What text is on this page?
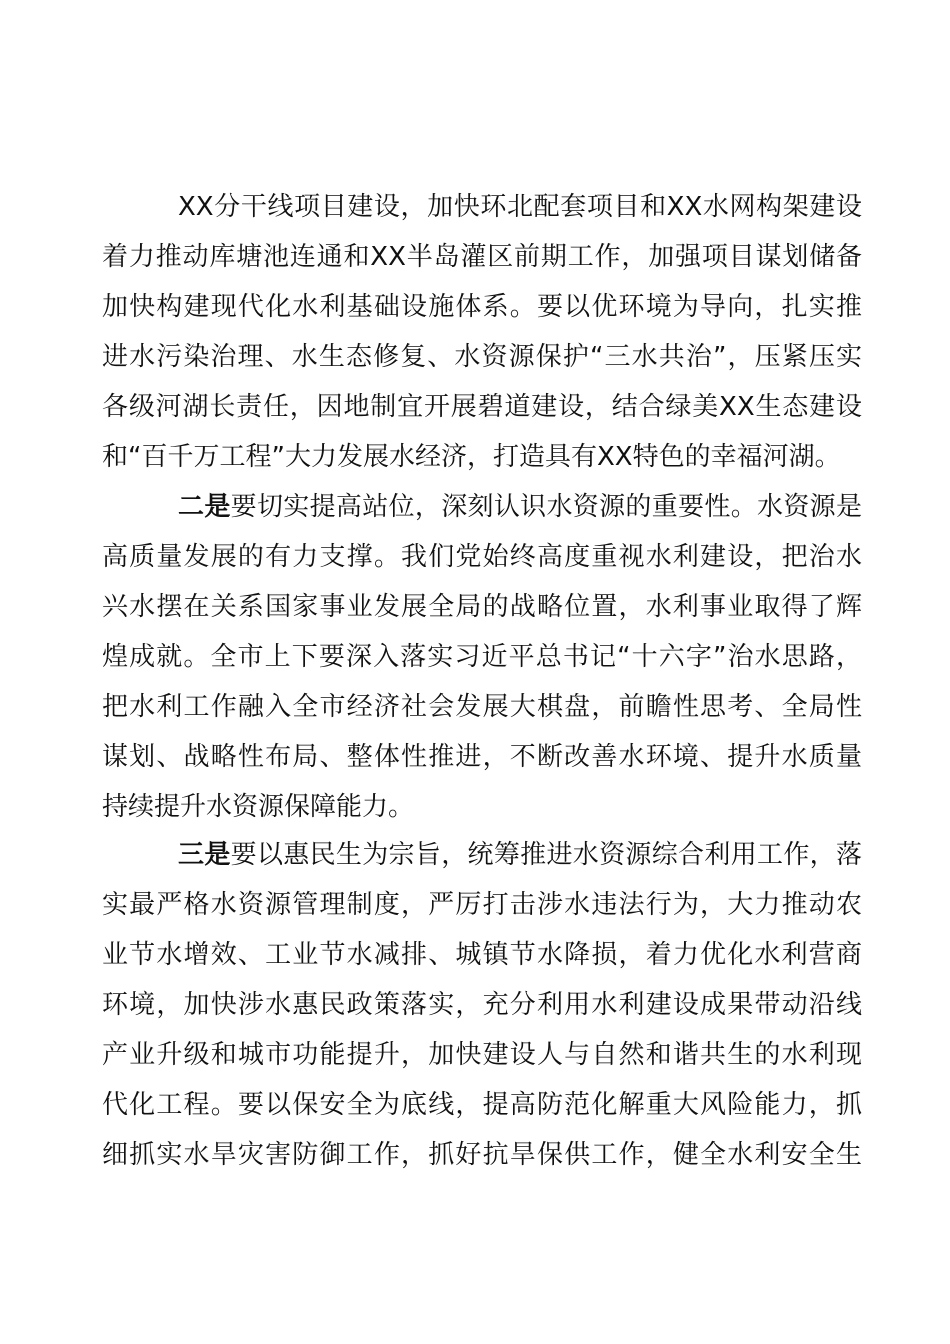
XX分干线项目建设，加快环北配套项目和XX水网构架建设
着力推动库塘池连通和XX半岛灌区前期工作，加强项目谋划储备
加快构建现代化水利基础设施体系。要以优环境为导向，扎实推
进水污染治理、水生态修复、水资源保护“三水共治”，压紧压实
各级河湖长责任，因地制宜开展碧道建设，结合绿美XX生态建设
和“百千万工程”大力发展水经济，打造具有XX特色的幸福河湖。
二是要切实提高站位，深刻认识水资源的重要性。水资源是
高质量发展的有力支撑。我们党始终高度重视水利建设，把治水
兴水摆在关系国家事业发展全局的战略位置，水利事业取得了辉
煌成就。全市上下要深入落实习近平总书记“十六字”治水思路，
把水利工作融入全市经济社会发展大棋盘，前瞻性思考、全局性
谋划、战略性布局、整体性推进，不断改善水环境、提升水质量
持续提升水资源保障能力。
三是要以惠民生为宗旨，统筹推进水资源综合利用工作，落
实最严格水资源管理制度，严厉打击涉水违法行为，大力推动农
业节水增效、工业节水减排、城镇节水降损，着力优化水利营商
环境，加快涉水惠民政策落实，充分利用水利建设成果带动沿线
产业升级和城市功能提升，加快建设人与自然和谐共生的水利现
代化工程。要以保安全为底线，提高防范化解重大风险能力，抓
细抓实水旱灾害防御工作，抓好抗旱保供工作，健全水利安全生
